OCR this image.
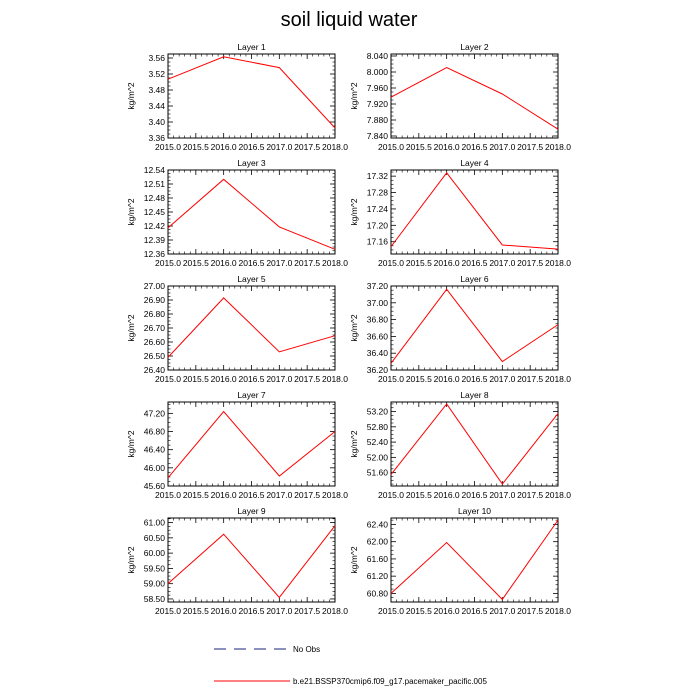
soil liquid water
Layer 1
2015.0 2015.5 2016.0 2016.5 2017.0 2017.5 2018.0
3.36
3.40
3.44
3.48
3.52
3.56
kg/m^2
Layer 2
2015.0 2015.5 2016.0 2016.5 2017.0 2017.5 2018.0
7.840
7.880
7.920
7.960
8.000
8.040
kg/m^2
Layer 3
2015.0 2015.5 2016.0 2016.5 2017.0 2017.5 2018.0
12.36
12.39
12.42
12.45
12.48
12.51
12.54
kg/m^2
Layer 4
2015.0 2015.5 2016.0 2016.5 2017.0 2017.5 2018.0
17.16
17.20
17.24
17.28
17.32
kg/m^2
Layer 5
2015.0 2015.5 2016.0 2016.5 2017.0 2017.5 2018.0
26.40
26.50
26.60
26.70
26.80
26.90
27.00
kg/m^2
Layer 6
2015.0 2015.5 2016.0 2016.5 2017.0 2017.5 2018.0
36.20
36.40
36.60
36.80
37.00
37.20
kg/m^2
Layer 7
2015.0 2015.5 2016.0 2016.5 2017.0 2017.5 2018.0
45.60
46.00
46.40
46.80
47.20
kg/m^2
Layer 8
2015.0 2015.5 2016.0 2016.5 2017.0 2017.5 2018.0
51.60
52.00
52.40
52.80
53.20
kg/m^2
Layer 9
2015.0 2015.5 2016.0 2016.5 2017.0 2017.5 2018.0
58.50
59.00
59.50
60.00
60.50
61.00
kg/m^2
Layer 10
2015.0 2015.5 2016.0 2016.5 2017.0 2017.5 2018.0
60.80
61.20
61.60
62.00
62.40
kg/m^2
No Obs
b.e21.BSSP370cmip6.f09_g17.pacemaker_pacific.005
